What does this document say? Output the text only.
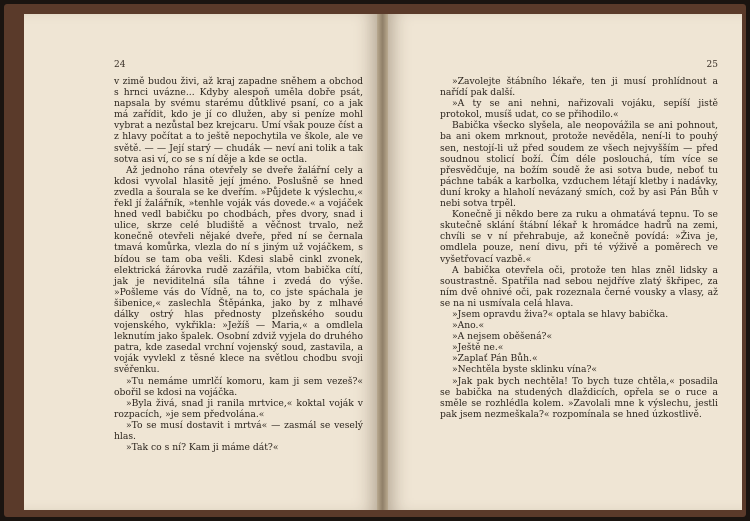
24

v zimě budou živi, až kraj zapadne sněhem a obchod s hrnci uvázne... Kdyby alespoň uměla dobře psát, napsala by svému starému důtklivé psaní, co a jak má zařídit, kdo je jí co dlužen, aby si peníze mohl vybrat a nezůstal bez krejcaru. Umí však pouze číst a z hlavy počítat a to ještě nepochytila ve škole, ale ve světě. — — Její starý — chudák — neví ani tolik a tak sotva asi ví, co se s ní děje a kde se octla.

Až jednoho rána otevřely se dveře žalářní cely a kdosi vyvolal hlasitě její jméno. Poslušně se hned zvedla a šourala se ke dveřím. »Půjdete k výslechu,« řekl jí žalářník, »tenhle voják vás dovede.« a vojáček hned vedl babičku po chodbách, přes dvory, snad i ulice, skrze celé bludiště a věčnost trvalo, než konečně otevřeli nějaké dveře, před ní se černala tmavá komůrka, vlezla do ní s jiným už vojáčkem, s bídou se tam oba vešli. Kdesi slabě cinkl zvonek, elektrická žárovka rudě zazářila, vtom babička cítí, jak je neviditelná síla táhne i zvedá do výše. »Pošleme vás do Vídně, na to, co jste spáchala je šibenice,« zaslechla Štěpánka, jako by z mlhavé dálky ostrý hlas přednosty plzeňského soudu vojenského, vykřikla: »Ježíš — Maria,« a omdlela leknutím jako špalek. Osobní zdviž vyjela do druhého patra, kde zasedal vrchní vojenský soud, zastavila, a voják vyvlekl z těsné klece na světlou chodbu svoji svěřenku.

»Tu nemáme umrlčí komoru, kam ji sem vezeš?« obořil se kdosi na vojáčka.

»Byla živá, snad ji ranila mrtvice,« koktal voják v rozpacích, »je sem předvolána.«

»To se musí dostavit i mrtvá« — zasmál se veselý hlas.

»Tak co s ní? Kam ji máme dát?«

25

»Zavolejte štábního lékaře, ten ji musí prohlídnout a nařídí pak další.

»A ty se ani nehni, nařizovali vojáku, sepíší jistě protokol, musíš udat, co se přihodilo.«

Babička všecko slyšela, ale neopovážila se ani pohnout, ba ani okem mrknout, protože nevěděla, není-li to pouhý sen, nestojí-li už před soudem ze všech nejvyšším — před soudnou stolicí boží. Čím déle poslouchá, tím více se přesvědčuje, na božím soudě že asi sotva bude, neboť tu páchne tabák a karbolka, vzduchem létají kletby i nadávky, duní kroky a hlaholí nevázaný smích, což by asi Pán Bůh v nebi sotva trpěl.

Konečně ji někdo bere za ruku a ohmatává tepnu. To se skutečně sklání štábní lékař k hromádce hadrů na zemi, chvíli se v ní přehrabuje, až konečně povídá: »Živa je, omdlela pouze, není divu, při té výživě a poměrech ve vyšetřovací vazbě.«

A babička otevřela oči, protože ten hlas zněl lidsky a soustrastně. Spatřila nad sebou nejdříve zlatý škřipec, za ním dvě ohnivé oči, pak rozeznala černé vousky a vlasy, až se na ni usmívala celá hlava.

»Jsem opravdu živa?« optala se hlavy babička.

»Ano.«

»A nejsem oběšená?«

»Ještě ne.«

»Zaplať Pán Bůh.«

»Nechtěla byste sklinku vína?«

»Jak pak bych nechtěla! To bych tuze chtěla,« posadila se babička na studených dlaždicích, opřela se o ruce a směle se rozhlédla kolem. »Zavolali mne k výslechu, jestli pak jsem nezmeškala?« rozpomínala se hned úzkostlivě.
